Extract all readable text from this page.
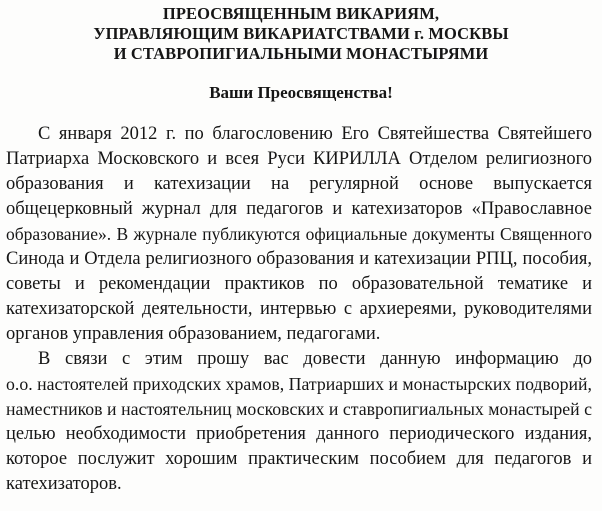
ПРЕОСВЯЩЕННЫМ ВИКАРИЯМ,
УПРАВЛЯЮЩИМ ВИКАРИАТСТВАМИ г. МОСКВЫ
И СТАВРОПИГИАЛЬНЫМИ МОНАСТЫРЯМИ
Ваши Преосвященства!
С января 2012 г. по благословению Его Святейшества Святейшего
Патриарха Московского и всея Руси КИРИЛЛА Отделом религиозного
образования и катехизации на регулярной основе выпускается
общецерковный журнал для педагогов и катехизаторов «Православное
образование». В журнале публикуются официальные документы Священного
Синода и Отдела религиозного образования и катехизации РПЦ, пособия,
советы и рекомендации практиков по образовательной тематике и
катехизаторской деятельности, интервью с архиереями, руководителями
органов управления образованием, педагогами.
В связи с этим прошу вас довести данную информацию до
о.о. настоятелей приходских храмов, Патриарших и монастырских подворий,
наместников и настоятельниц московских и ставропигиальных монастырей с
целью необходимости приобретения данного периодического издания,
которое послужит хорошим практическим пособием для педагогов и
катехизаторов.
